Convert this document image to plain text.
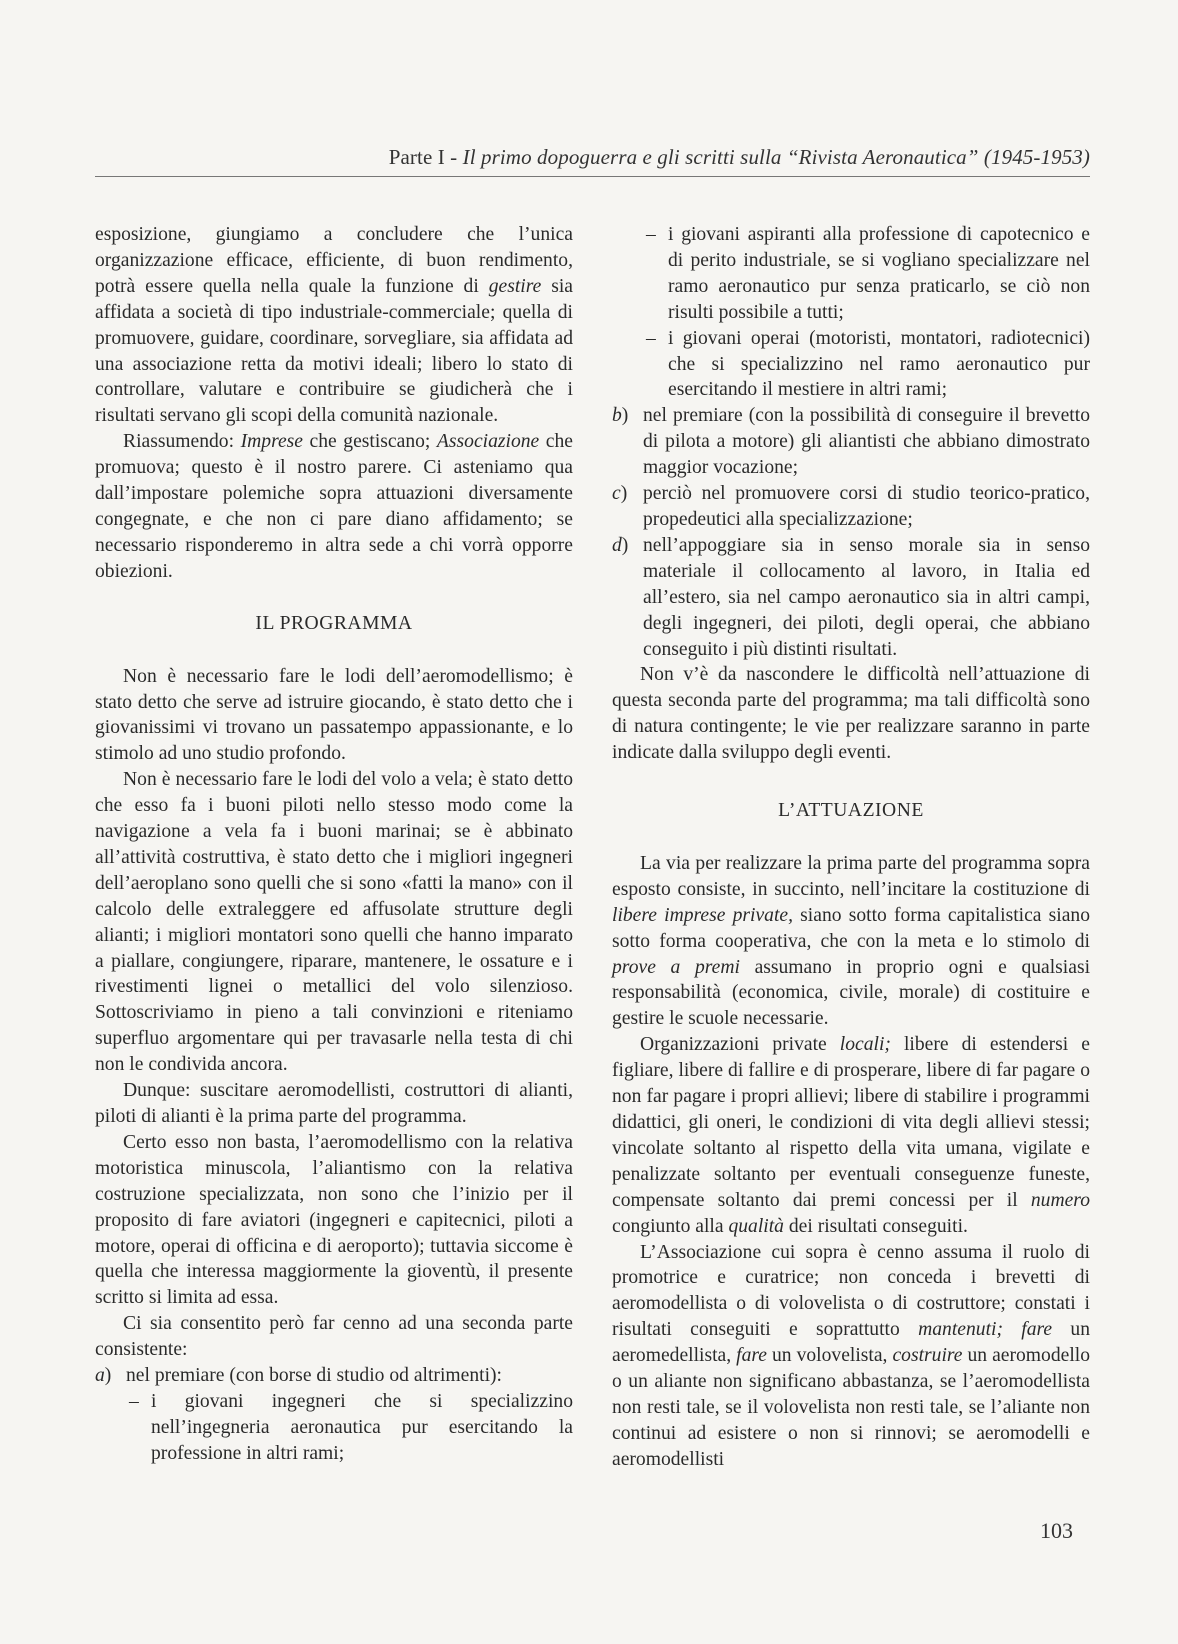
Parte I - Il primo dopoguerra e gli scritti sulla “Rivista Aeronautica” (1945-1953)

esposizione, giungiamo a concludere che l’unica organizzazione efficace, efficiente, di buon rendimento, potrà essere quella nella quale la funzione di gestire sia affidata a società di tipo industriale-commerciale; quella di promuovere, guidare, coordinare, sorvegliare, sia affidata ad una associazione retta da motivi ideali; libero lo stato di controllare, valutare e contribuire se giudicherà che i risultati servano gli scopi della comunità nazionale.

Riassumendo: Imprese che gestiscano; Associazione che promuova; questo è il nostro parere. Ci asteniamo qua dall’impostare polemiche sopra attuazioni diversamente congegnate, e che non ci pare diano affidamento; se necessario risponderemo in altra sede a chi vorrà opporre obiezioni.

IL PROGRAMMA

Non è necessario fare le lodi dell’aeromodellismo; è stato detto che serve ad istruire giocando, è stato detto che i giovanissimi vi trovano un passatempo appassionante, e lo stimolo ad uno studio profondo.

Non è necessario fare le lodi del volo a vela; è stato detto che esso fa i buoni piloti nello stesso modo come la navigazione a vela fa i buoni marinai; se è abbinato all’attività costruttiva, è stato detto che i migliori ingegneri dell’aeroplano sono quelli che si sono «fatti la mano» con il calcolo delle extraleggere ed affusolate strutture degli alianti; i migliori montatori sono quelli che hanno imparato a piallare, congiungere, riparare, mantenere, le ossature e i rivestimenti lignei o metallici del volo silenzioso. Sottoscriviamo in pieno a tali convinzioni e riteniamo superfluo argomentare qui per travasarle nella testa di chi non le condivida ancora.

Dunque: suscitare aeromodellisti, costruttori di alianti, piloti di alianti è la prima parte del programma.

Certo esso non basta, l’aeromodellismo con la relativa motoristica minuscola, l’aliantismo con la relativa costruzione specializzata, non sono che l’inizio per il proposito di fare aviatori (ingegneri e capitecnici, piloti a motore, operai di officina e di aeroporto); tuttavia siccome è quella che interessa maggiormente la gioventù, il presente scritto si limita ad essa.

Ci sia consentito però far cenno ad una seconda parte consistente:

a) nel premiare (con borse di studio od altrimenti):
– i giovani ingegneri che si specializzino nell’ingegneria aeronautica pur esercitando la professione in altri rami;
– i giovani aspiranti alla professione di capotecnico e di perito industriale, se si vogliano specializzare nel ramo aeronautico pur senza praticarlo, se ciò non risulti possibile a tutti;
– i giovani operai (motoristi, montatori, radiotecnici) che si specializzino nel ramo aeronautico pur esercitando il mestiere in altri rami;
b) nel premiare (con la possibilità di conseguire il brevetto di pilota a motore) gli aliantisti che abbiano dimostrato maggior vocazione;
c) perciò nel promuovere corsi di studio teorico-pratico, propedeutici alla specializzazione;
d) nell’appoggiare sia in senso morale sia in senso materiale il collocamento al lavoro, in Italia ed all’estero, sia nel campo aeronautico sia in altri campi, degli ingegneri, dei piloti, degli operai, che abbiano conseguito i più distinti risultati.

Non v’è da nascondere le difficoltà nell’attuazione di questa seconda parte del programma; ma tali difficoltà sono di natura contingente; le vie per realizzare saranno in parte indicate dalla sviluppo degli eventi.

L’ATTUAZIONE

La via per realizzare la prima parte del programma sopra esposto consiste, in succinto, nell’incitare la costituzione di libere imprese private, siano sotto forma capitalistica siano sotto forma cooperativa, che con la meta e lo stimolo di prove a premi assumano in proprio ogni e qualsiasi responsabilità (economica, civile, morale) di costituire e gestire le scuole necessarie.

Organizzazioni private locali; libere di estendersi e figliare, libere di fallire e di prosperare, libere di far pagare o non far pagare i propri allievi; libere di stabilire i programmi didattici, gli oneri, le condizioni di vita degli allievi stessi; vincolate soltanto al rispetto della vita umana, vigilate e penalizzate soltanto per eventuali conseguenze funeste, compensate soltanto dai premi concessi per il numero congiunto alla qualità dei risultati conseguiti.

L’Associazione cui sopra è cenno assuma il ruolo di promotrice e curatrice; non conceda i brevetti di aeromodellista o di volovelista o di costruttore; constati i risultati conseguiti e soprattutto mantenuti; fare un aeromedellista, fare un volovelista, costruire un aeromodello o un aliante non significano abbastanza, se l’aeromodellista non resti tale, se il volovelista non resti tale, se l’aliante non continui ad esistere o non si rinnovi; se aeromodelli e aeromodellisti

103
